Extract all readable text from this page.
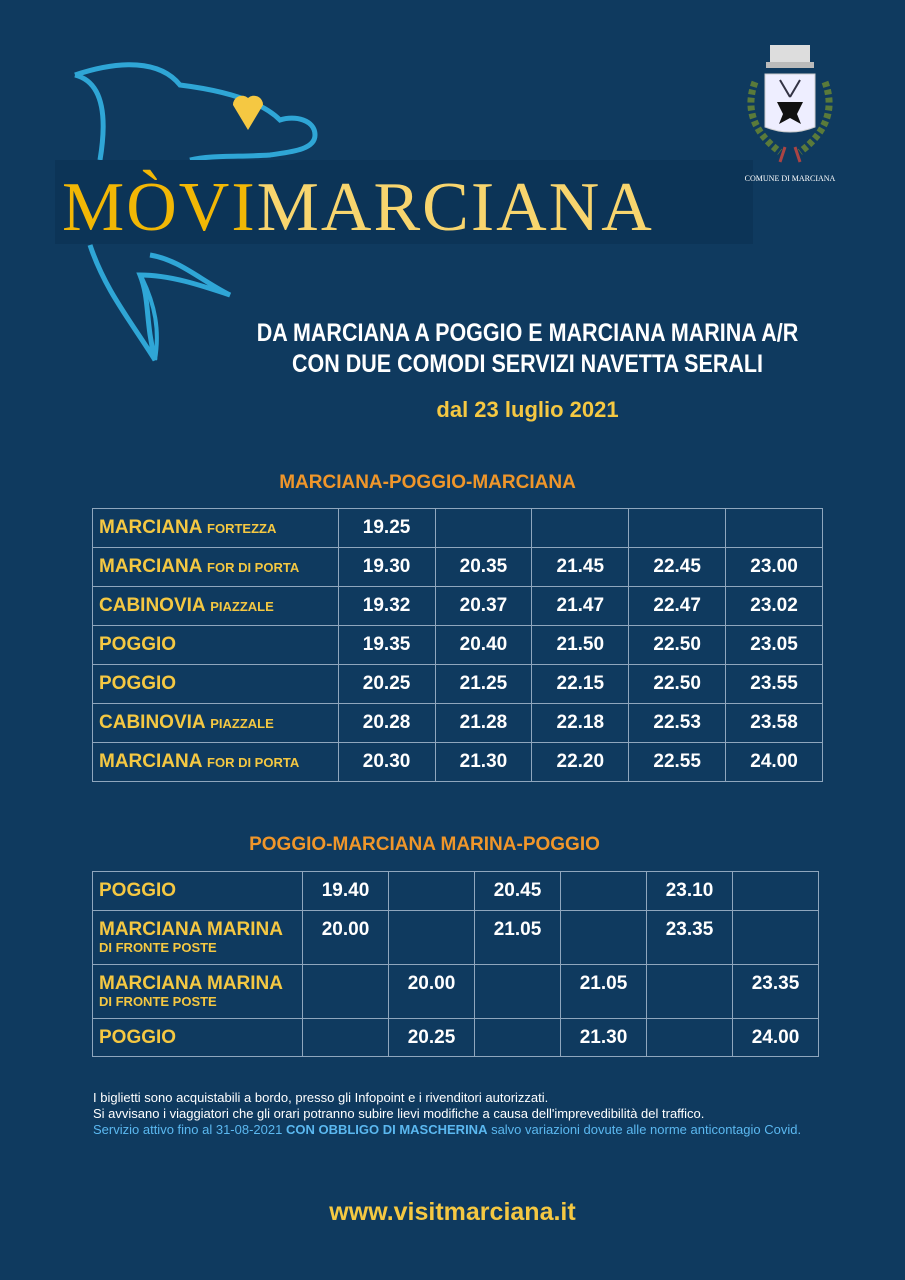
MÒVIMARCIANA	COMUNE DI MARCIANA
DA MARCIANA A POGGIO E MARCIANA MARINA A/R
CON DUE COMODI SERVIZI NAVETTA SERALI
dal 23 luglio 2021
MARCIANA-POGGIO-MARCIANA
MARCIANA FORTEZZA	19.25				
MARCIANA FOR DI PORTA	19.30	20.35	21.45	22.45	23.00
CABINOVIA PIAZZALE	19.32	20.37	21.47	22.47	23.02
POGGIO	19.35	20.40	21.50	22.50	23.05
POGGIO	20.25	21.25	22.15	22.50	23.55
CABINOVIA PIAZZALE	20.28	21.28	22.18	22.53	23.58
MARCIANA FOR DI PORTA	20.30	21.30	22.20	22.55	24.00
POGGIO-MARCIANA MARINA-POGGIO
POGGIO	19.40		20.45		23.10	
MARCIANA MARINA
DI FRONTE POSTE	20.00		21.05		23.35	
MARCIANA MARINA
DI FRONTE POSTE		20.00		21.05		23.35
POGGIO		20.25		21.30		24.00
I biglietti sono acquistabili a bordo, presso gli Infopoint e i rivenditori autorizzati.
Si avvisano i viaggiatori che gli orari potranno subire lievi modifiche a causa dell'imprevedibilità del traffico.
Servizio attivo fino al 31-08-2021 CON OBBLIGO DI MASCHERINA salvo variazioni dovute alle norme anticontagio Covid.
www.visitmarciana.it
